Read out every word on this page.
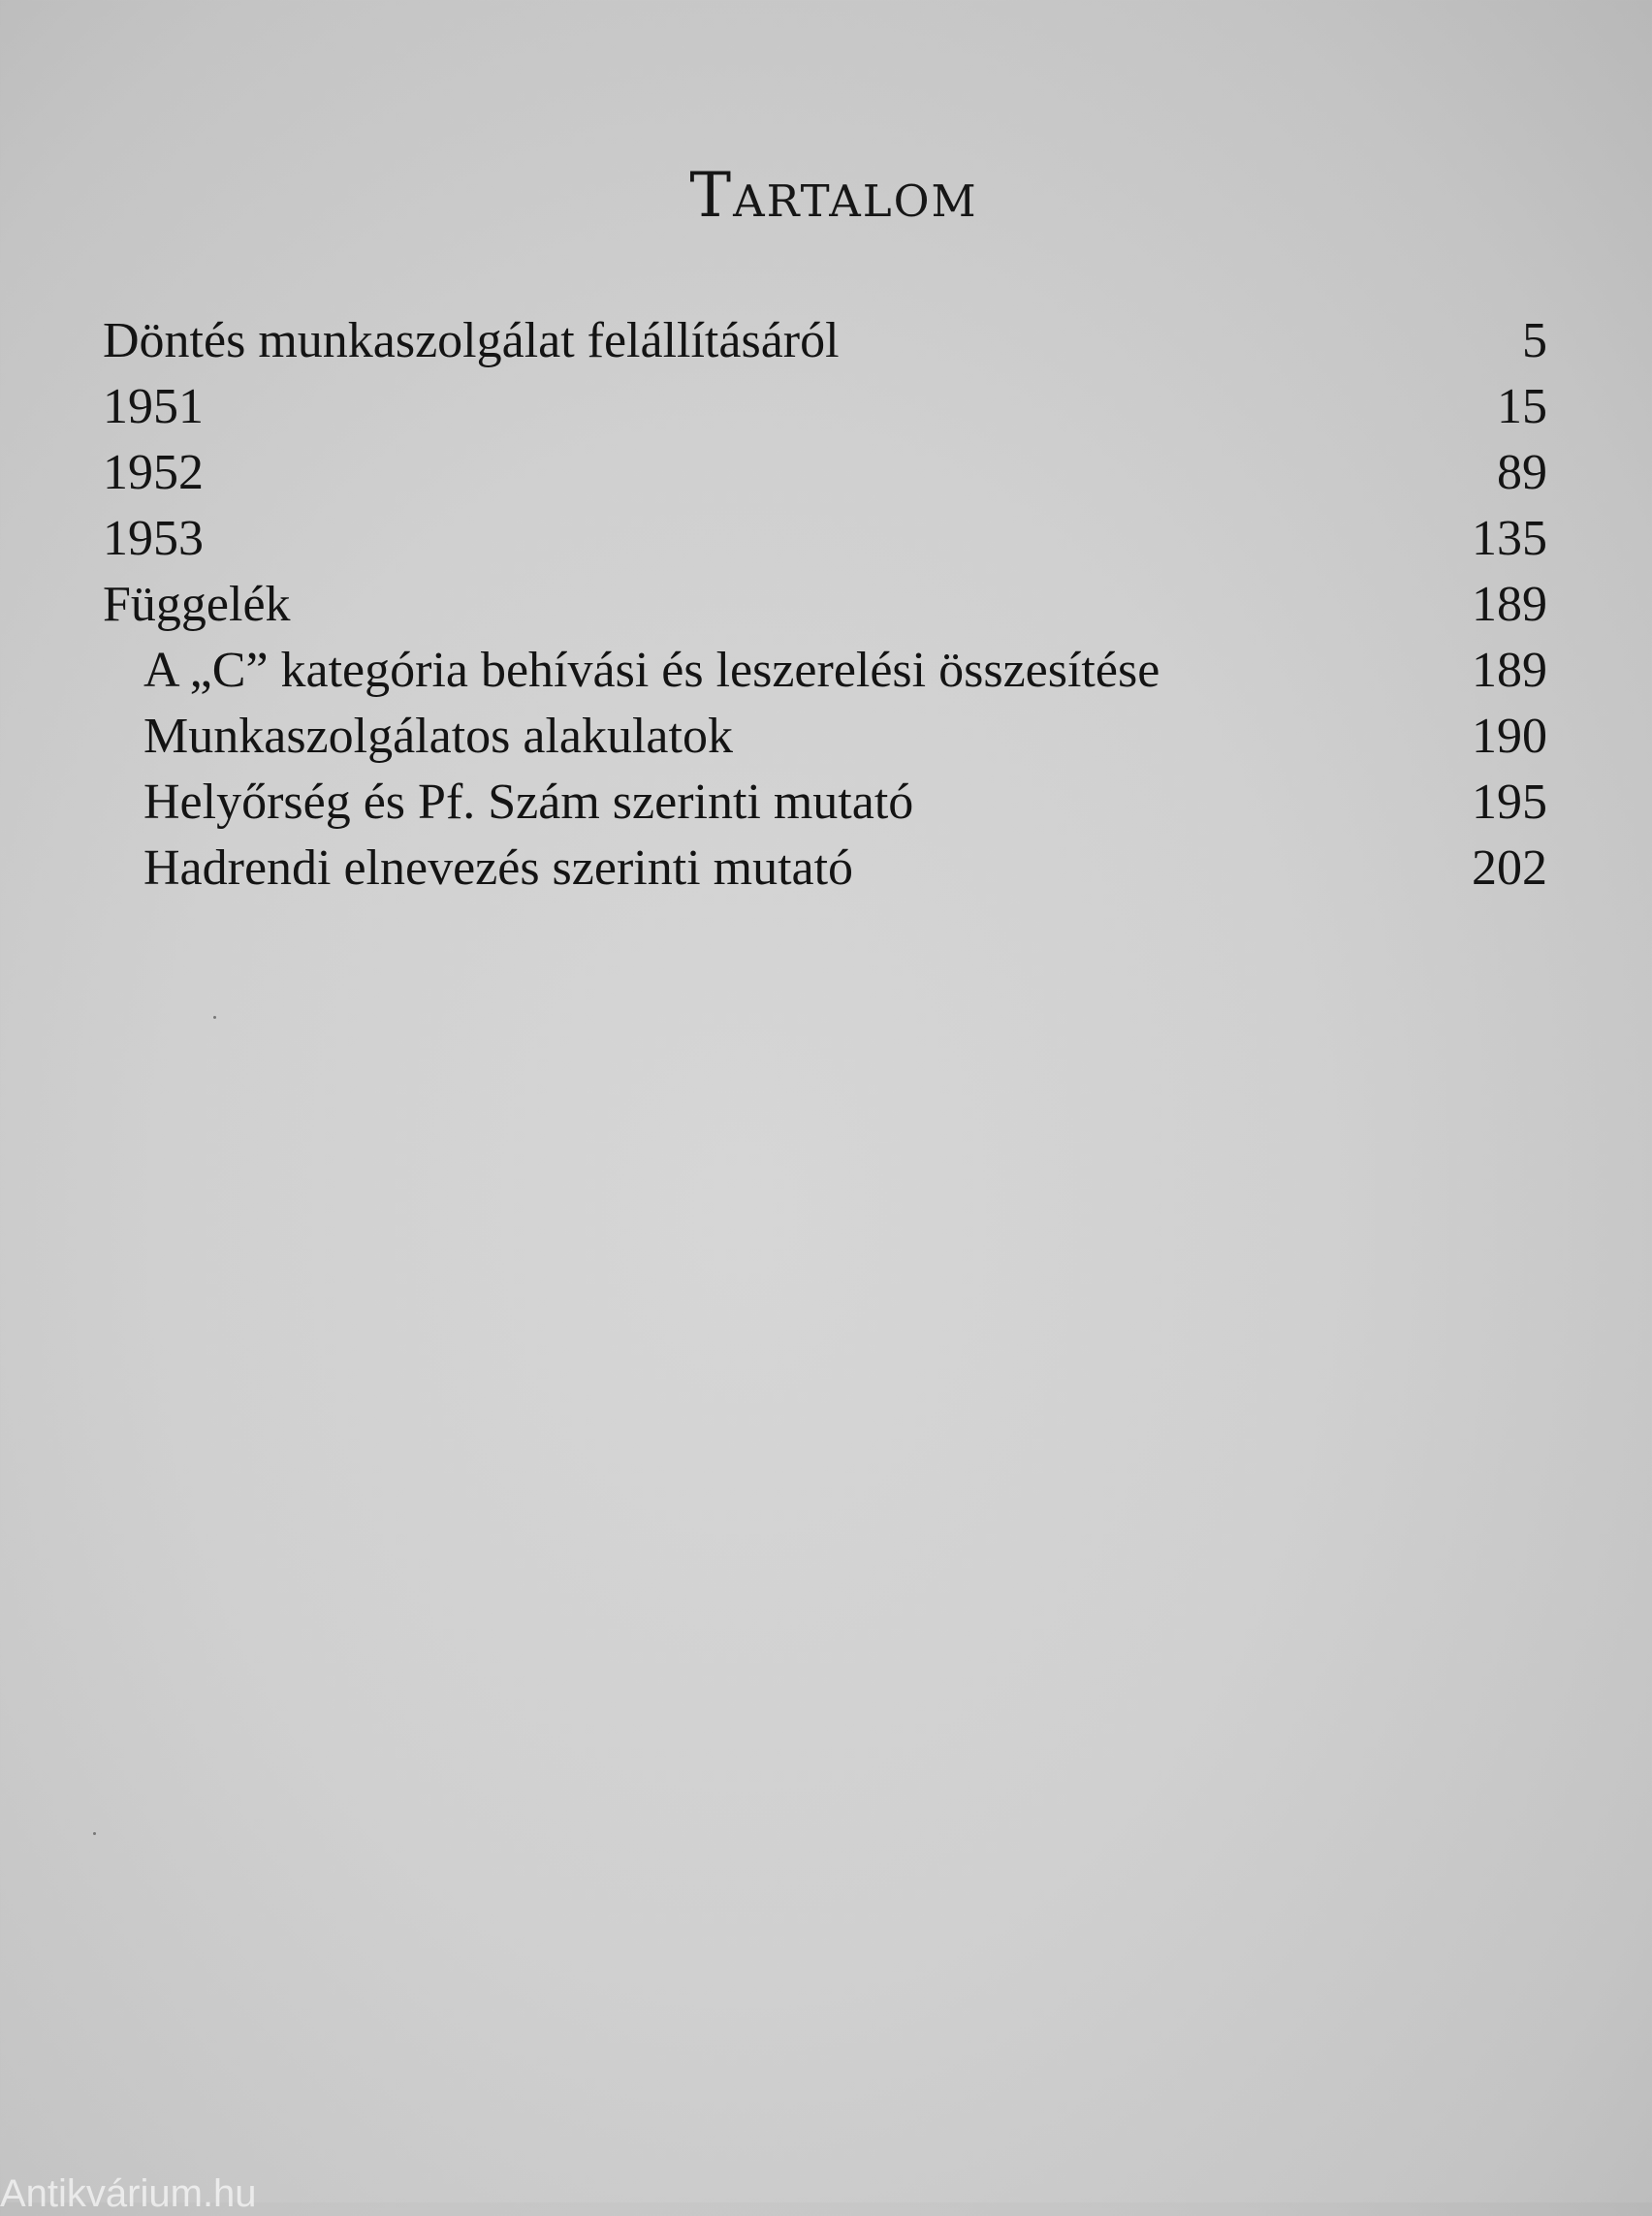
Tartalom
Döntés munkaszolgálat felállításáról	5
1951	15
1952	89
1953	135
Függelék	189
A „C” kategória behívási és leszerelési összesítése	189
Munkaszolgálatos alakulatok	190
Helyőrség és Pf. Szám szerinti mutató	195
Hadrendi elnevezés szerinti mutató	202
Antikvárium.hu
